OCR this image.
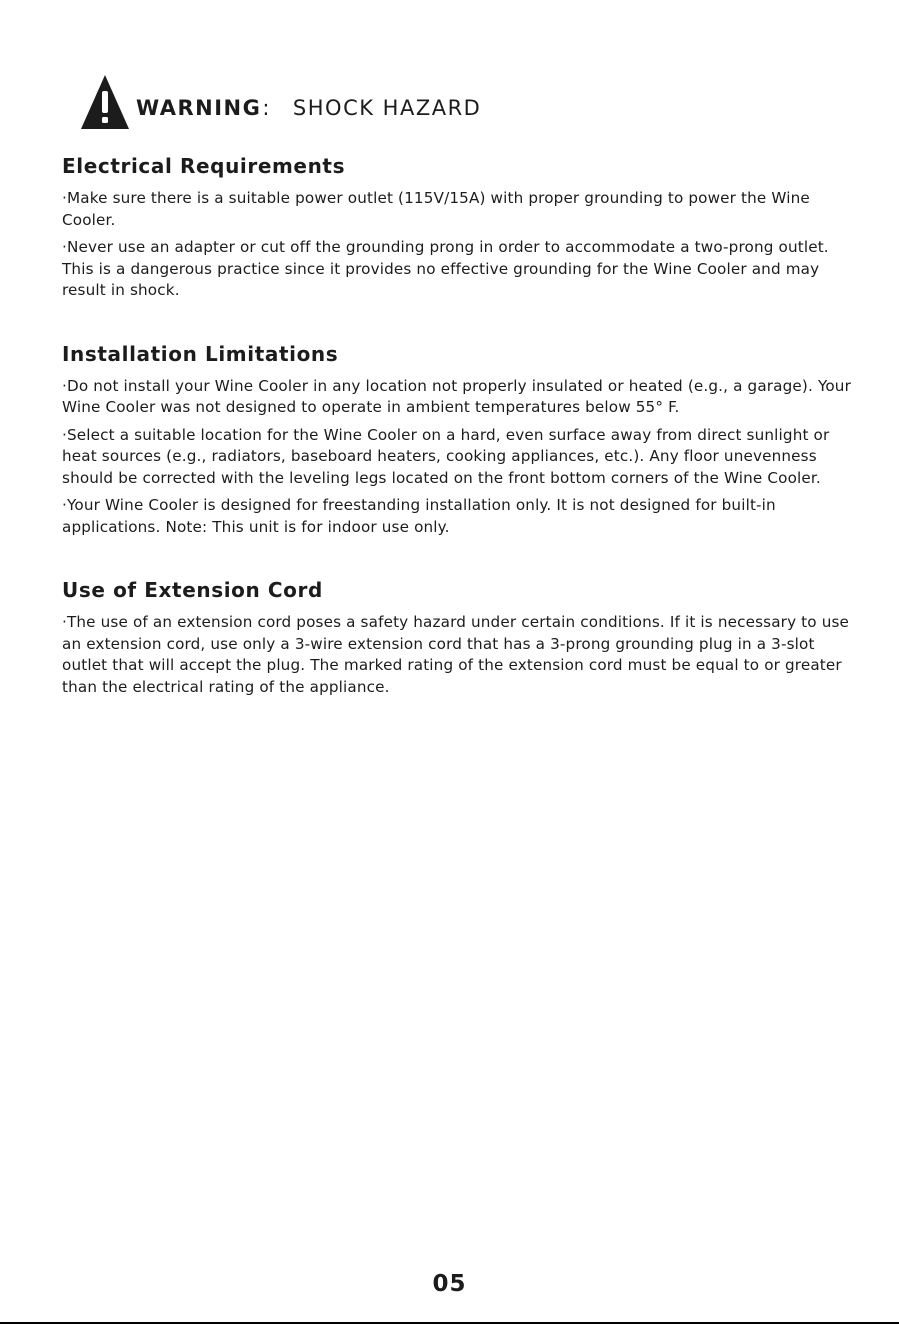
WARNING: SHOCK HAZARD
Electrical Requirements

·Make sure there is a suitable power outlet (115V/15A) with proper grounding to power the Wine Cooler.

·Never use an adapter or cut off the grounding prong in order to accommodate a two-prong outlet. This is a dangerous practice since it provides no effective grounding for the Wine Cooler and may result in shock.

Installation Limitations

·Do not install your Wine Cooler in any location not properly insulated or heated (e.g., a garage). Your Wine Cooler was not designed to operate in ambient temperatures below 55° F.

·Select a suitable location for the Wine Cooler on a hard, even surface away from direct sunlight or heat sources (e.g., radiators, baseboard heaters, cooking appliances, etc.). Any floor unevenness should be corrected with the leveling legs located on the front bottom corners of the Wine Cooler.

·Your Wine Cooler is designed for freestanding installation only. It is not designed for built-in applications. Note: This unit is for indoor use only.

Use of Extension Cord

·The use of an extension cord poses a safety hazard under certain conditions. If it is necessary to use an extension cord, use only a 3-wire extension cord that has a 3-prong grounding plug in a 3-slot outlet that will accept the plug. The marked rating of the extension cord must be equal to or greater than the electrical rating of the appliance.

05
